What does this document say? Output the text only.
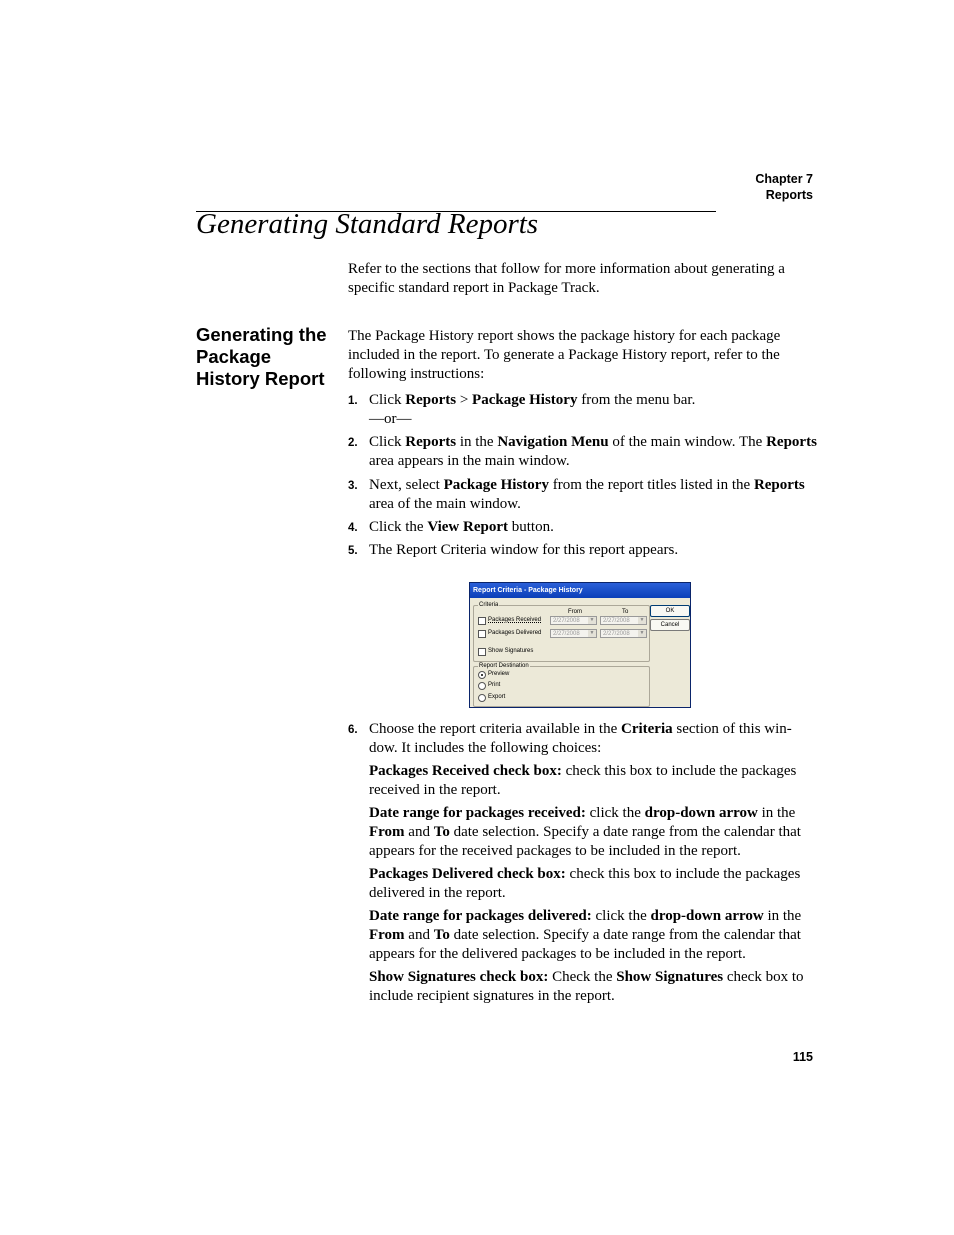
Chapter 7
Reports
Generating Standard Reports

Refer to the sections that follow for more information about generating a specific standard report in Package Track.

Generating the Package History Report

The Package History report shows the package history for each package included in the report. To generate a Package History report, refer to the following instructions:

1. Click Reports > Package History from the menu bar.
—or—
2. Click Reports in the Navigation Menu of the main window. The Reports area appears in the main window.
3. Next, select Package History from the report titles listed in the Reports area of the main window.
4. Click the View Report button.
5. The Report Criteria window for this report appears.
Report Criteria - Package History
Criteria
From	To
Packages Received	2/27/2008	▼	2/27/2008	▼
Packages Delivered	2/27/2008	▼	2/27/2008	▼
Show Signatures
Report Destination
Preview
Print
Export
OK
Cancel
6. Choose the report criteria available in the Criteria section of this win-dow. It includes the following choices:

Packages Received check box: check this box to include the packages received in the report.

Date range for packages received: click the drop-down arrow in the From and To date selection. Specify a date range from the calendar that appears for the received packages to be included in the report.

Packages Delivered check box: check this box to include the packages delivered in the report.

Date range for packages delivered: click the drop-down arrow in the From and To date selection. Specify a date range from the calendar that appears for the delivered packages to be included in the report.

Show Signatures check box: Check the Show Signatures check box to include recipient signatures in the report.

115
